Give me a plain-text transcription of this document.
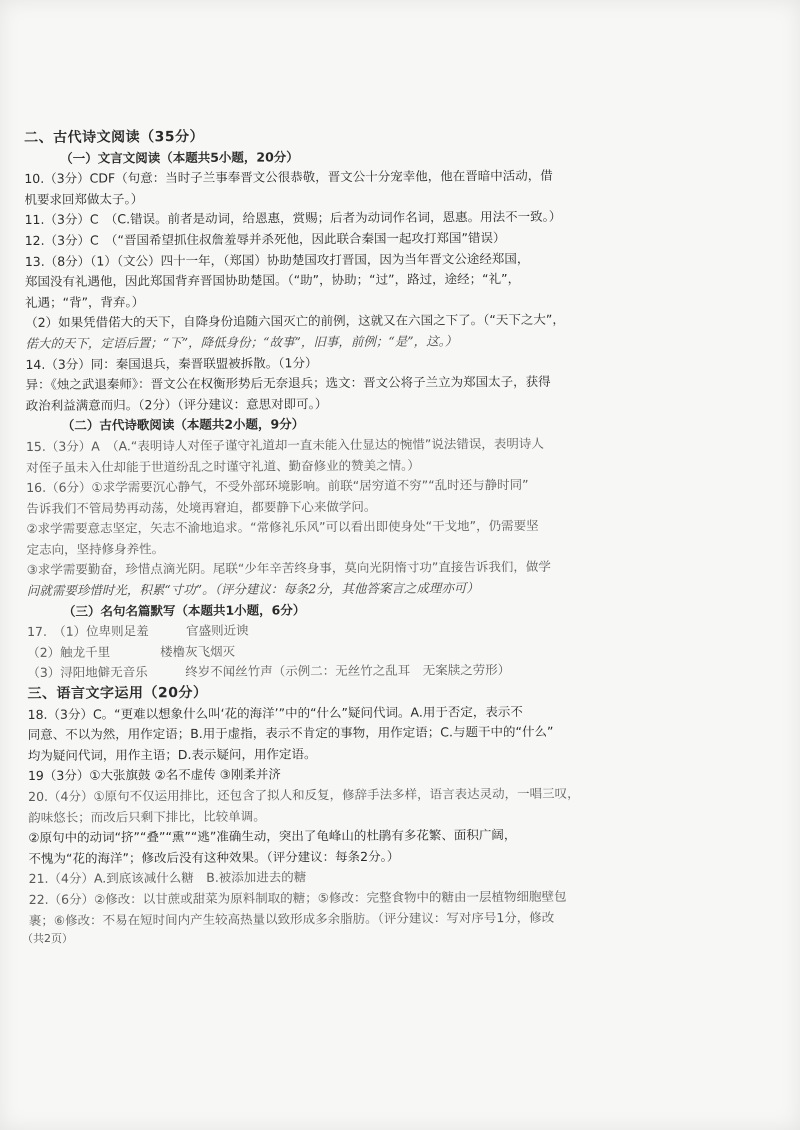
二、古代诗文阅读（35分）
（一）文言文阅读（本题共5小题，20分）
10.（3分）CDF（句意：当时子兰事奉晋文公很恭敬，晋文公十分宠幸他，他在晋暗中活动，借
机要求回郑做太子。）
11.（3分）C　（C.错误。前者是动词，给恩惠，赏赐；后者为动词作名词，恩惠。用法不一致。）
12.（3分）C　（“晋国希望抓住叔詹羞辱并杀死他，因此联合秦国一起攻打郑国”错误）
13.（8分）（1）（文公）四十一年，（郑国）协助楚国攻打晋国，因为当年晋文公途经郑国，
郑国没有礼遇他，因此郑国背弃晋国协助楚国。（“助”，协助；“过”，路过，途经；“礼”，
礼遇；“背”，背弃。）
（2）如果凭借偌大的天下，自降身份追随六国灭亡的前例，这就又在六国之下了。（“天下之大”，
偌大的天下，定语后置；“下”，降低身份；“故事”，旧事，前例；“是”，这。）
14.（3分）同：秦国退兵，秦晋联盟被拆散。（1分）
异：《烛之武退秦师》：晋文公在权衡形势后无奈退兵；选文：晋文公将子兰立为郑国太子，获得
政治利益满意而归。（2分）（评分建议：意思对即可。）
（二）古代诗歌阅读（本题共2小题，9分）
15.（3分）A　（A.“表明诗人对侄子谨守礼道却一直未能入仕显达的惋惜”说法错误，表明诗人
对侄子虽未入仕却能于世道纷乱之时谨守礼道、勤奋修业的赞美之情。）
16.（6分）①求学需要沉心静气，不受外部环境影响。前联“居穷道不穷”“乱时还与静时同”
告诉我们不管局势再动荡，处境再窘迫，都要静下心来做学问。
②求学需要意志坚定，矢志不渝地追求。“常修礼乐风”可以看出即使身处“干戈地”，仍需要坚
定志向，坚持修身养性。
③求学需要勤奋，珍惜点滴光阴。尾联“少年辛苦终身事，莫向光阴惰寸功”直接告诉我们，做学
问就需要珍惜时光，积累“寸功”。（评分建议：每条2分，其他答案言之成理亦可）
（三）名句名篇默写（本题共1小题，6分）
17.　（1）位卑则足羞　　　官盛则近谀
（2）触龙千里　　　　楼橹灰飞烟灭
（3）浔阳地僻无音乐　　　终岁不闻丝竹声（示例二：无丝竹之乱耳　无案牍之劳形）
三、语言文字运用（20分）
18.（3分）C。“更难以想象什么叫‘花的海洋’”中的“什么”疑问代词。A.用于否定，表示不
同意、不以为然，用作定语；B.用于虚指，表示不肯定的事物，用作定语；C.与题干中的“什么”
均为疑问代词，用作主语；D.表示疑问，用作定语。
19（3分）①大张旗鼓 ②名不虚传 ③刚柔并济
20.（4分）①原句不仅运用排比，还包含了拟人和反复，修辞手法多样，语言表达灵动，一唱三叹，
韵味悠长；而改后只剩下排比，比较单调。
②原句中的动词“挤”“叠”“熏”“逃”准确生动，突出了龟峰山的杜鹃有多花繁、面积广阔，
不愧为“花的海洋”；修改后没有这种效果。（评分建议：每条2分。）
21.（4分）A.到底该减什么糖　B.被添加进去的糖
22.（6分）②修改：以甘蔗或甜菜为原料制取的糖；⑤修改：完整食物中的糖由一层植物细胞壁包
裹；⑥修改：不易在短时间内产生较高热量以致形成多余脂肪。（评分建议：写对序号1分，修改
（共2页）
